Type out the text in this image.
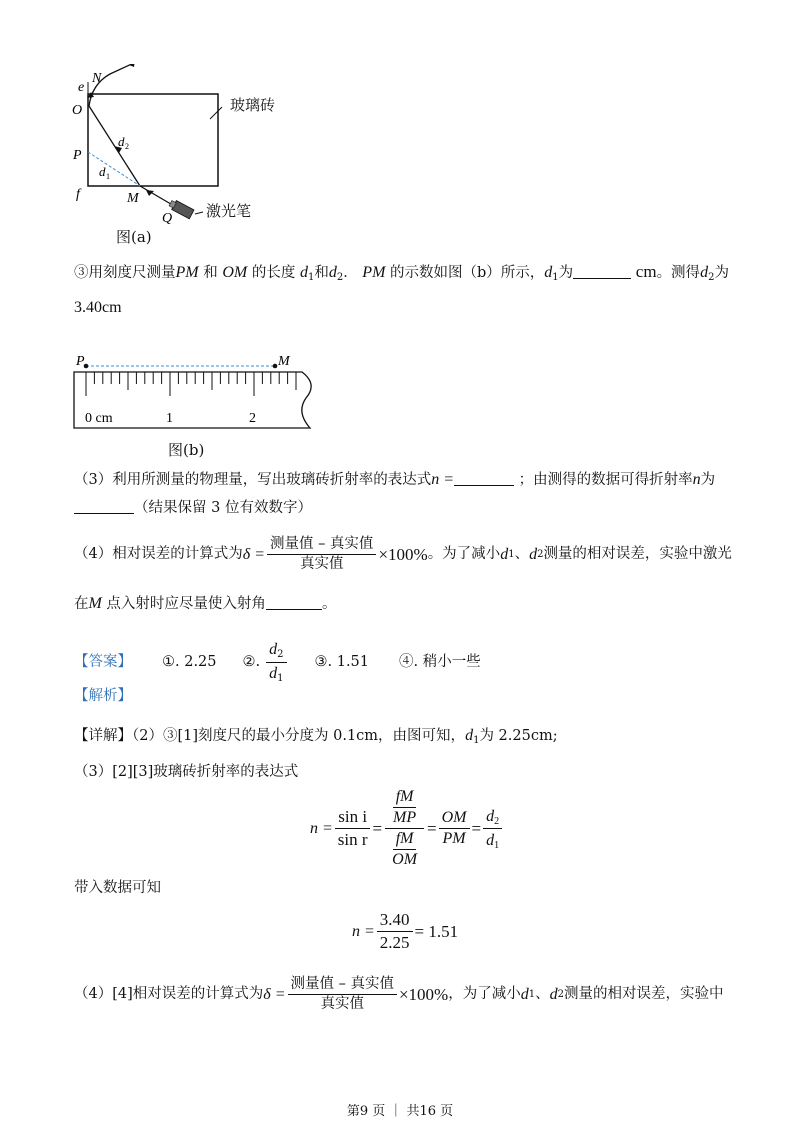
e
N
O
P
f	M
Q
d 2
d 1
玻璃砖
激光笔
图(a)
③用刻度尺测量PM 和 OM 的长度 $d_1$和$d_2$． PM 的示数如图（b）所示，$d_1$为	cm。测得$d_2$为
3.40cm
P	M
0 cm	1	2
图(b)
（3）利用所测量的物理量，写出玻璃砖折射率的表达式n =	；由测得的数据可得折射率n为
（结果保留 3 位有效数字）
（4）相对误差的计算式为 $\delta = \frac{\text{测量值 – 真实值}}{\text{真实值}} \times 100\%$ 。为了减小 d 1 、 d 2 测量的相对误差，实验中激光
在M 点入射时应尽量使入射角	。
【答案】 ①. 2.25 ②. $\frac{d_2}{d_1}$ ③. 1.51 ④. 稍小一些
【解析】
【详解】（2）③[1]刻度尺的最小分度为 0.1cm，由图可知，$d_1$为 2.25cm;
（3）[2][3]玻璃砖折射率的表达式
$n = \frac{\text{sin i}}{\text{sin r}} = \frac{\frac{fM}{MP}}{\frac{fM}{OM}} = \frac{OM}{PM} = \frac{d_2}{d_1}$
带入数据可知
$n = \frac{3.40}{2.25} = 1.51$
（4）[4]相对误差的计算式为 $\delta = \frac{\text{测量值 – 真实值}}{\text{真实值}} \times 100\%$ ，为了减小 d 1 、 d 2 测量的相对误差，实验中
第9 页 ｜ 共16 页
